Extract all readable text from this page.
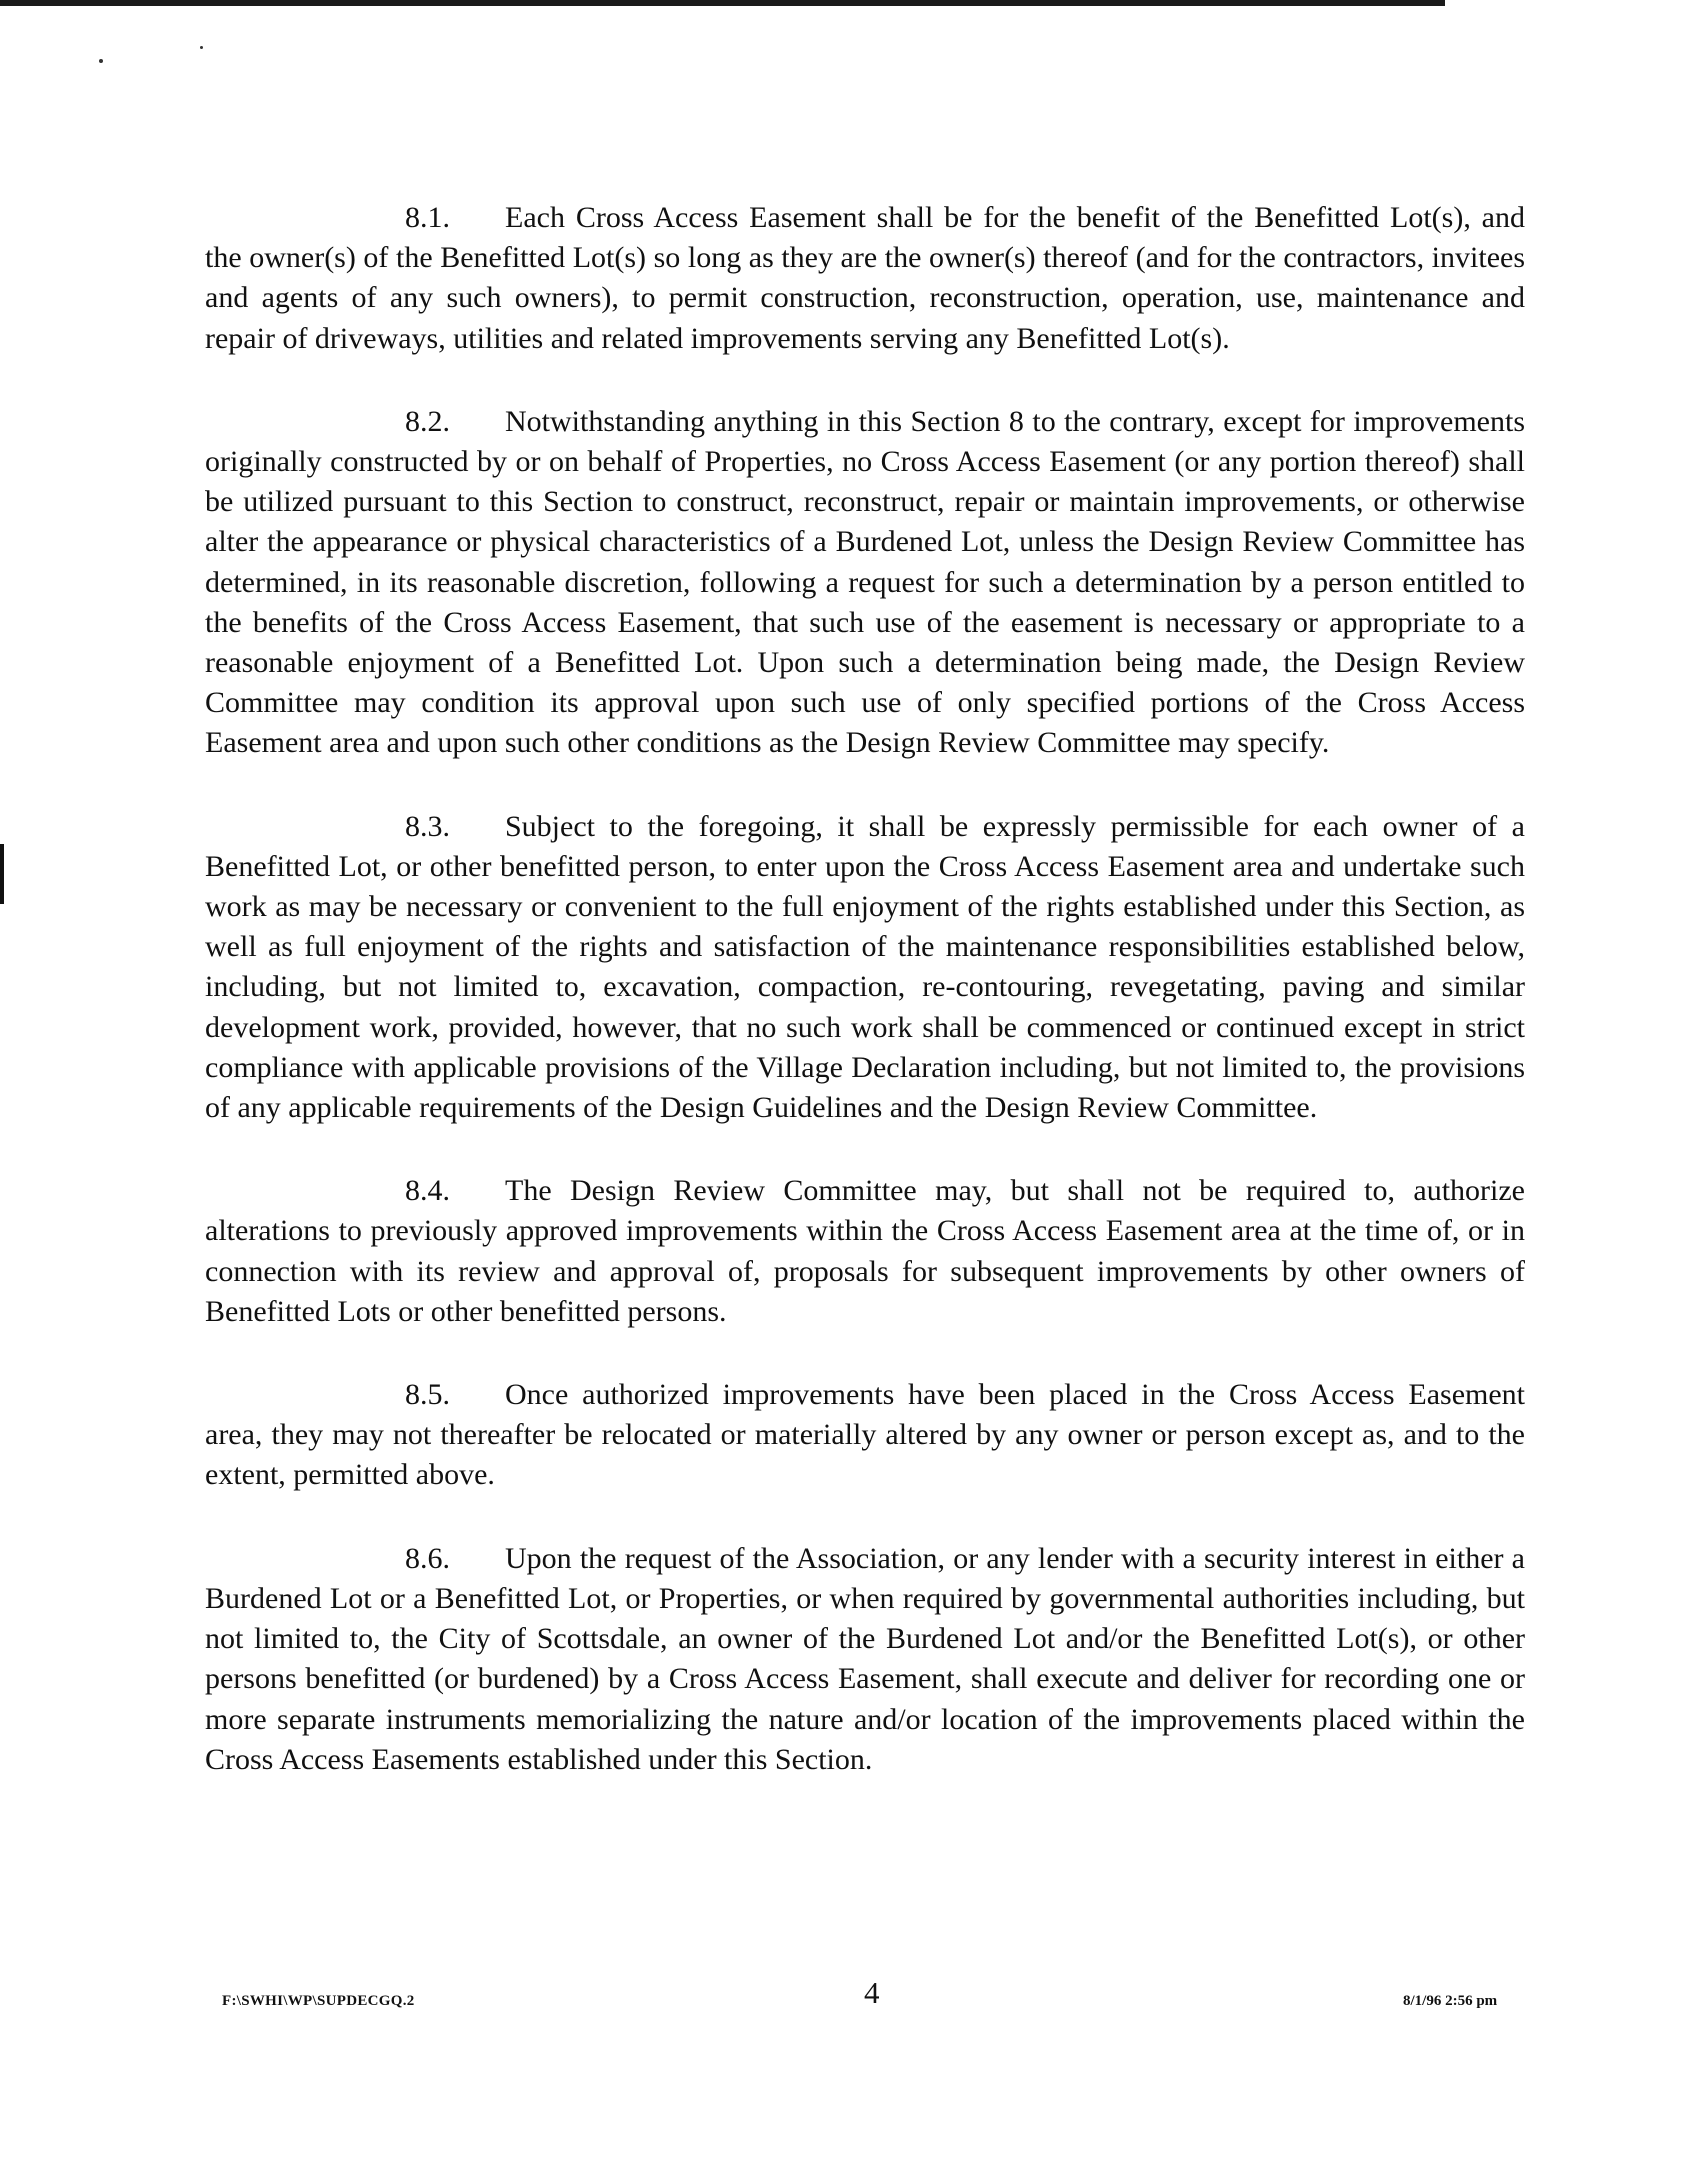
8.1. Each Cross Access Easement shall be for the benefit of the Benefitted Lot(s), and the owner(s) of the Benefitted Lot(s) so long as they are the owner(s) thereof (and for the contractors, invitees and agents of any such owners), to permit construction, reconstruction, operation, use, maintenance and repair of driveways, utilities and related improvements serving any Benefitted Lot(s).

8.2. Notwithstanding anything in this Section 8 to the contrary, except for improvements originally constructed by or on behalf of Properties, no Cross Access Easement (or any portion thereof) shall be utilized pursuant to this Section to construct, reconstruct, repair or maintain improvements, or otherwise alter the appearance or physical characteristics of a Burdened Lot, unless the Design Review Committee has determined, in its reasonable discretion, following a request for such a determination by a person entitled to the benefits of the Cross Access Easement, that such use of the easement is necessary or appropriate to a reasonable enjoyment of a Benefitted Lot. Upon such a determination being made, the Design Review Committee may condition its approval upon such use of only specified portions of the Cross Access Easement area and upon such other conditions as the Design Review Committee may specify.

8.3. Subject to the foregoing, it shall be expressly permissible for each owner of a Benefitted Lot, or other benefitted person, to enter upon the Cross Access Easement area and undertake such work as may be necessary or convenient to the full enjoyment of the rights established under this Section, as well as full enjoyment of the rights and satisfaction of the maintenance responsibilities established below, including, but not limited to, excavation, compaction, re-contouring, revegetating, paving and similar development work, provided, however, that no such work shall be commenced or continued except in strict compliance with applicable provisions of the Village Declaration including, but not limited to, the provisions of any applicable requirements of the Design Guidelines and the Design Review Committee.

8.4. The Design Review Committee may, but shall not be required to, authorize alterations to previously approved improvements within the Cross Access Easement area at the time of, or in connection with its review and approval of, proposals for subsequent improvements by other owners of Benefitted Lots or other benefitted persons.

8.5. Once authorized improvements have been placed in the Cross Access Easement area, they may not thereafter be relocated or materially altered by any owner or person except as, and to the extent, permitted above.

8.6. Upon the request of the Association, or any lender with a security interest in either a Burdened Lot or a Benefitted Lot, or Properties, or when required by governmental authorities including, but not limited to, the City of Scottsdale, an owner of the Burdened Lot and/or the Benefitted Lot(s), or other persons benefitted (or burdened) by a Cross Access Easement, shall execute and deliver for recording one or more separate instruments memorializing the nature and/or location of the improvements placed within the Cross Access Easements established under this Section.

F:\SWHI\WP\SUPDECGQ.2	4	8/1/96 2:56 pm
